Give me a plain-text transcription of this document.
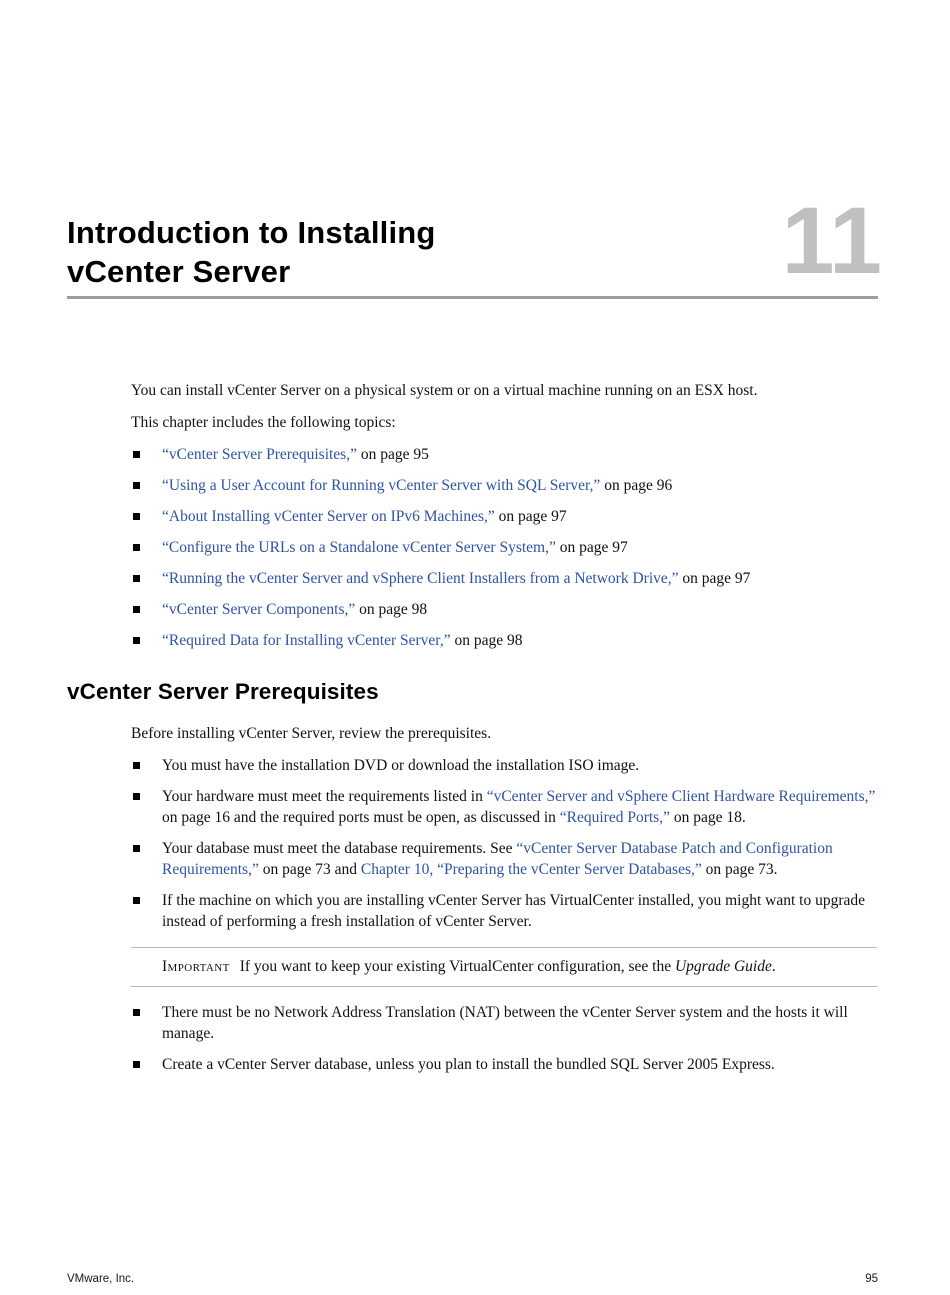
Introduction to Installing
vCenter Server	11

You can install vCenter Server on a physical system or on a virtual machine running on an ESX host.

This chapter includes the following topics:

“vCenter Server Prerequisites,” on page 95
“Using a User Account for Running vCenter Server with SQL Server,” on page 96
“About Installing vCenter Server on IPv6 Machines,” on page 97
“Configure the URLs on a Standalone vCenter Server System,” on page 97
“Running the vCenter Server and vSphere Client Installers from a Network Drive,” on page 97
“vCenter Server Components,” on page 98
“Required Data for Installing vCenter Server,” on page 98
vCenter Server Prerequisites

Before installing vCenter Server, review the prerequisites.

You must have the installation DVD or download the installation ISO image.
Your hardware must meet the requirements listed in “vCenter Server and vSphere Client Hardware Requirements,” on page 16 and the required ports must be open, as discussed in “Required Ports,” on page 18.
Your database must meet the database requirements. See “vCenter Server Database Patch and Configuration Requirements,” on page 73 and Chapter 10, “Preparing the vCenter Server Databases,” on page 73.
If the machine on which you are installing vCenter Server has VirtualCenter installed, you might want to upgrade instead of performing a fresh installation of vCenter Server.
Important If you want to keep your existing VirtualCenter configuration, see the Upgrade Guide.
There must be no Network Address Translation (NAT) between the vCenter Server system and the hosts it will manage.
Create a vCenter Server database, unless you plan to install the bundled SQL Server 2005 Express.
VMware, Inc.	95
